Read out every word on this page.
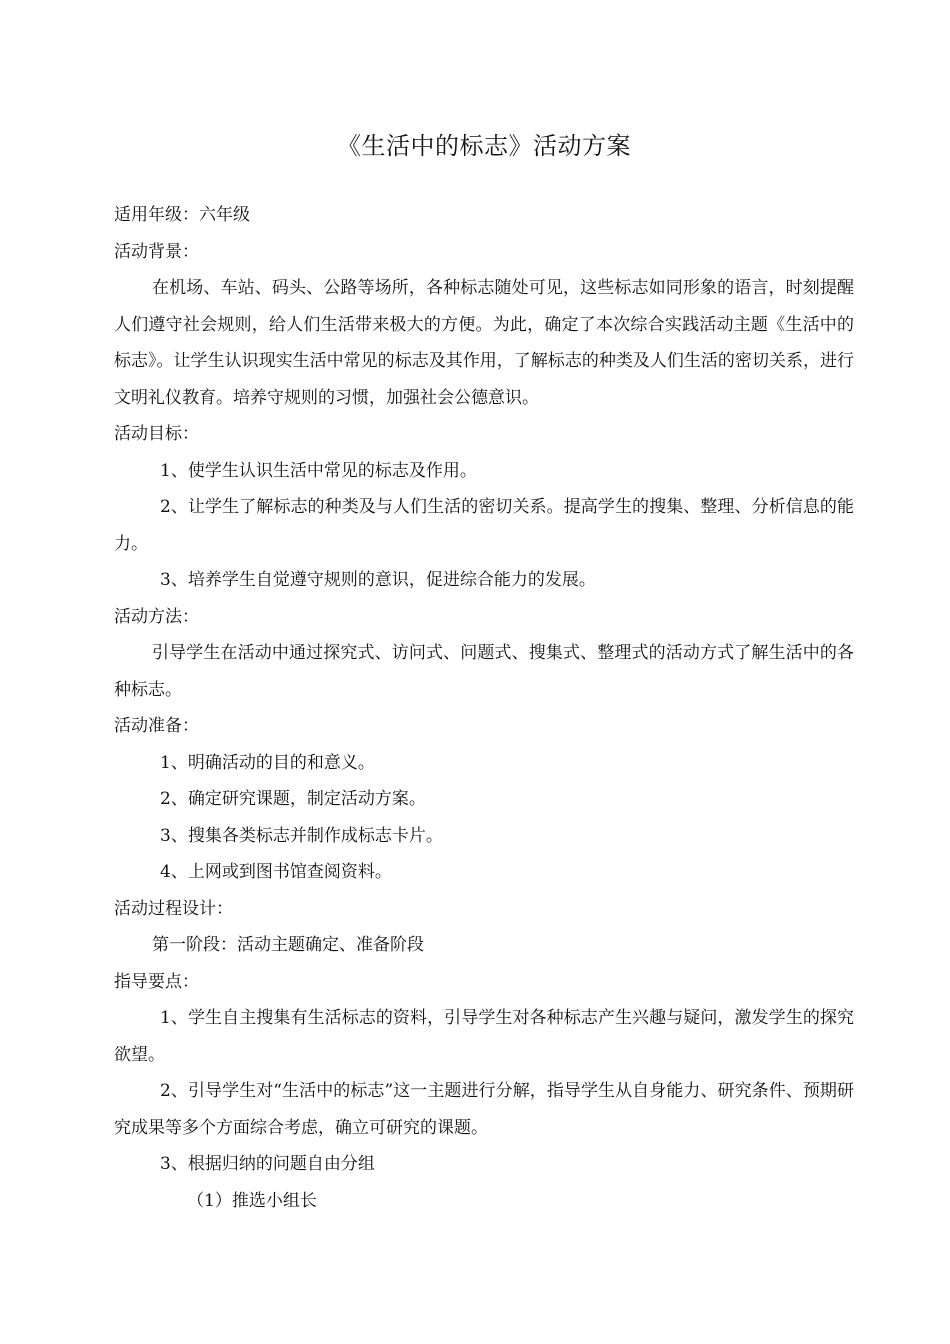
《生活中的标志》活动方案

适用年级：六年级

活动背景：

在机场、车站、码头、公路等场所，各种标志随处可见，这些标志如同形象的语言，时刻提醒人们遵守社会规则，给人们生活带来极大的方便。为此，确定了本次综合实践活动主题《生活中的标志》。让学生认识现实生活中常见的标志及其作用，了解标志的种类及人们生活的密切关系，进行文明礼仪教育。培养守规则的习惯，加强社会公德意识。

活动目标：

1、使学生认识生活中常见的标志及作用。

2、让学生了解标志的种类及与人们生活的密切关系。提高学生的搜集、整理、分析信息的能力。

3、培养学生自觉遵守规则的意识，促进综合能力的发展。

活动方法：

引导学生在活动中通过探究式、访问式、问题式、搜集式、整理式的活动方式了解生活中的各种标志。

活动准备：

1、明确活动的目的和意义。

2、确定研究课题，制定活动方案。

3、搜集各类标志并制作成标志卡片。

4、上网或到图书馆查阅资料。

活动过程设计：

第一阶段：活动主题确定、准备阶段

指导要点：

1、学生自主搜集有生活标志的资料，引导学生对各种标志产生兴趣与疑问，激发学生的探究欲望。

2、引导学生对“生活中的标志”这一主题进行分解，指导学生从自身能力、研究条件、预期研究成果等多个方面综合考虑，确立可研究的课题。

3、根据归纳的问题自由分组

（1）推选小组长
